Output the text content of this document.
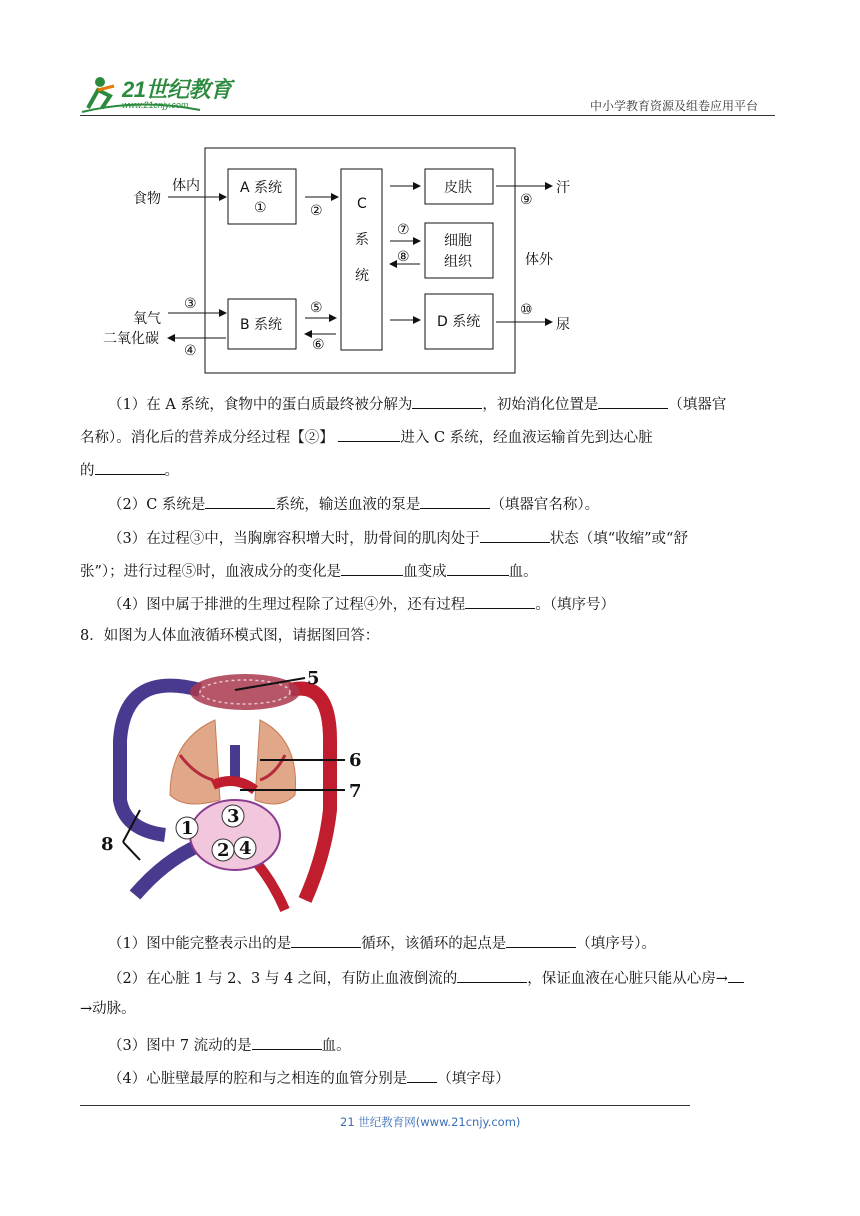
21世纪教育
www.21cnjy.com	中小学教育资源及组卷应用平台
A 系统
①
B 系统
C
系
统
皮肤
细胞
组织
D 系统
体内
食物
氧气
二氧化碳
体外
汗
尿
②
③
④
⑤
⑥
⑦
⑧
⑨
⑩
（1）在 A 系统，食物中的蛋白质最终被分解为	，初始消化位置是	（填器官
名称）。消化后的营养成分经过程【②】	进入 C 系统，经血液运输首先到达心脏
的	。
（2）C 系统是	系统，输送血液的泵是	（填器官名称）。
（3）在过程③中，当胸廓容积增大时，肋骨间的肌肉处于	状态（填“收缩”或“舒
张”）；进行过程⑤时，血液成分的变化是	血变成	血。
（4）图中属于排泄的生理过程除了过程④外，还有过程	。（填序号）
8．如图为人体血液循环模式图，请据图回答：
5
6
7
8
1
2
3
4
（1）图中能完整表示出的是	循环，该循环的起点是	（填序号）。
（2）在心脏 1 与 2、3 与 4 之间，有防止血液倒流的	，保证血液在心脏只能从心房→
→动脉。
（3）图中 7 流动的是	血。
（4）心脏壁最厚的腔和与之相连的血管分别是 （填字母）
21 世纪教育网(www.21cnjy.com)
